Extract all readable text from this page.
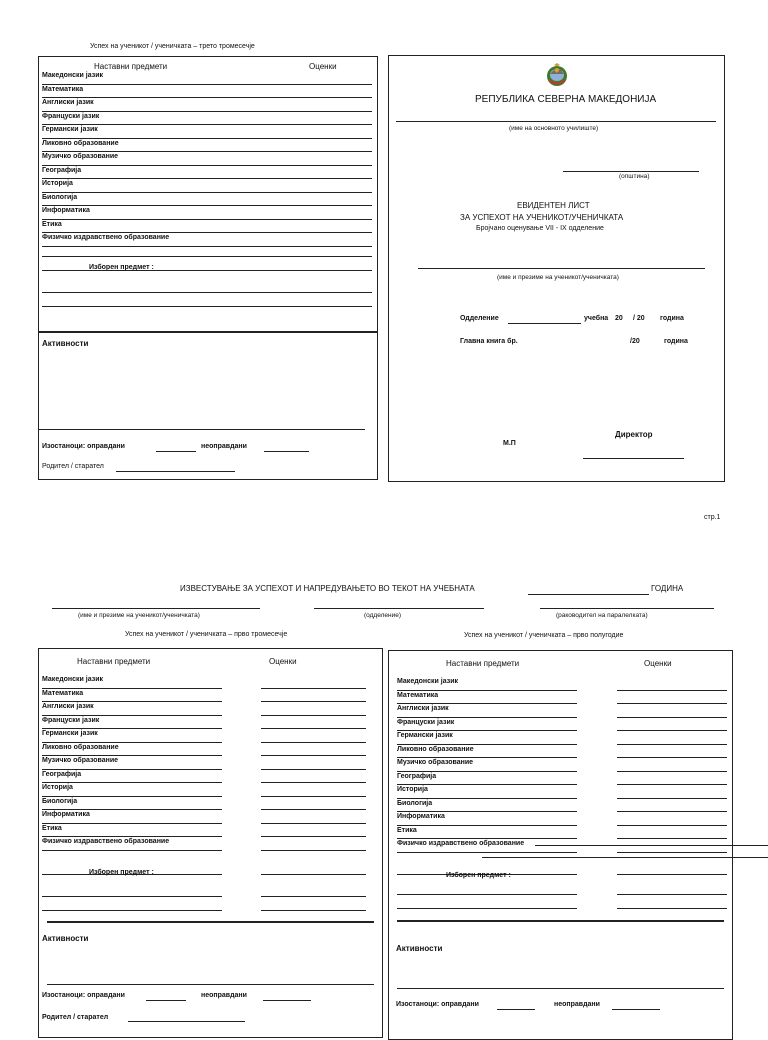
Успех на ученикот / ученичката – трето тромесечје
Наставни предмети	Оценки
Македонски јазик
Математика
Англиски јазик
Француски јазик
Германски јазик
Ликовно образование
Музичко образование
Географија
Историја
Биологија
Информатика
Етика
Физичко издравствено образование
Изборен предмет :
Активности
Изостаноци: оправдани	неоправдани
Родител / старател
РЕПУБЛИКА СЕВЕРНА МАКЕДОНИЈА
(име на основното училиште)
(општина)
ЕВИДЕНТЕН ЛИСТ
ЗА УСПЕХОТ НА УЧЕНИКОТ/УЧЕНИЧКАТА
Бројчано оценување VII - IX одделение
(име и презиме на ученикот/ученичката)
Одделение	учебна 20 / 20 година
Главна книга бр.	/20	година
Директор
М.П
стр.1
ИЗВЕСТУВАЊЕ ЗА УСПЕХОТ И НАПРЕДУВАЊЕТО ВО ТЕКОТ НА УЧЕБНАТА	ГОДИНА
(име и презиме на ученикот/ученичката)	(одделение)	(раководител на паралелката)
Успех на ученикот / ученичката – прво тромесечје	Успех на ученикот / ученичката – прво полугодие
Наставни предмети	Оценки
Македонски јазик
Математика
Англиски јазик
Француски јазик
Германски јазик
Ликовно образование
Музичко образование
Географија
Историја
Биологија
Информатика
Етика
Физичко издравствено образование
Изборен предмет :
Активности
Изостаноци: оправдани	неоправдани
Родител / старател
Наставни предмети	Оценки
Македонски јазик
Математика
Англиски јазик
Француски јазик
Германски јазик
Ликовно образование
Музичко образование
Географија
Историја
Биологија
Информатика
Етика
Физичко издравствено образование
Изборен предмет :
Активности
Изостаноци: оправдани	неоправдани
